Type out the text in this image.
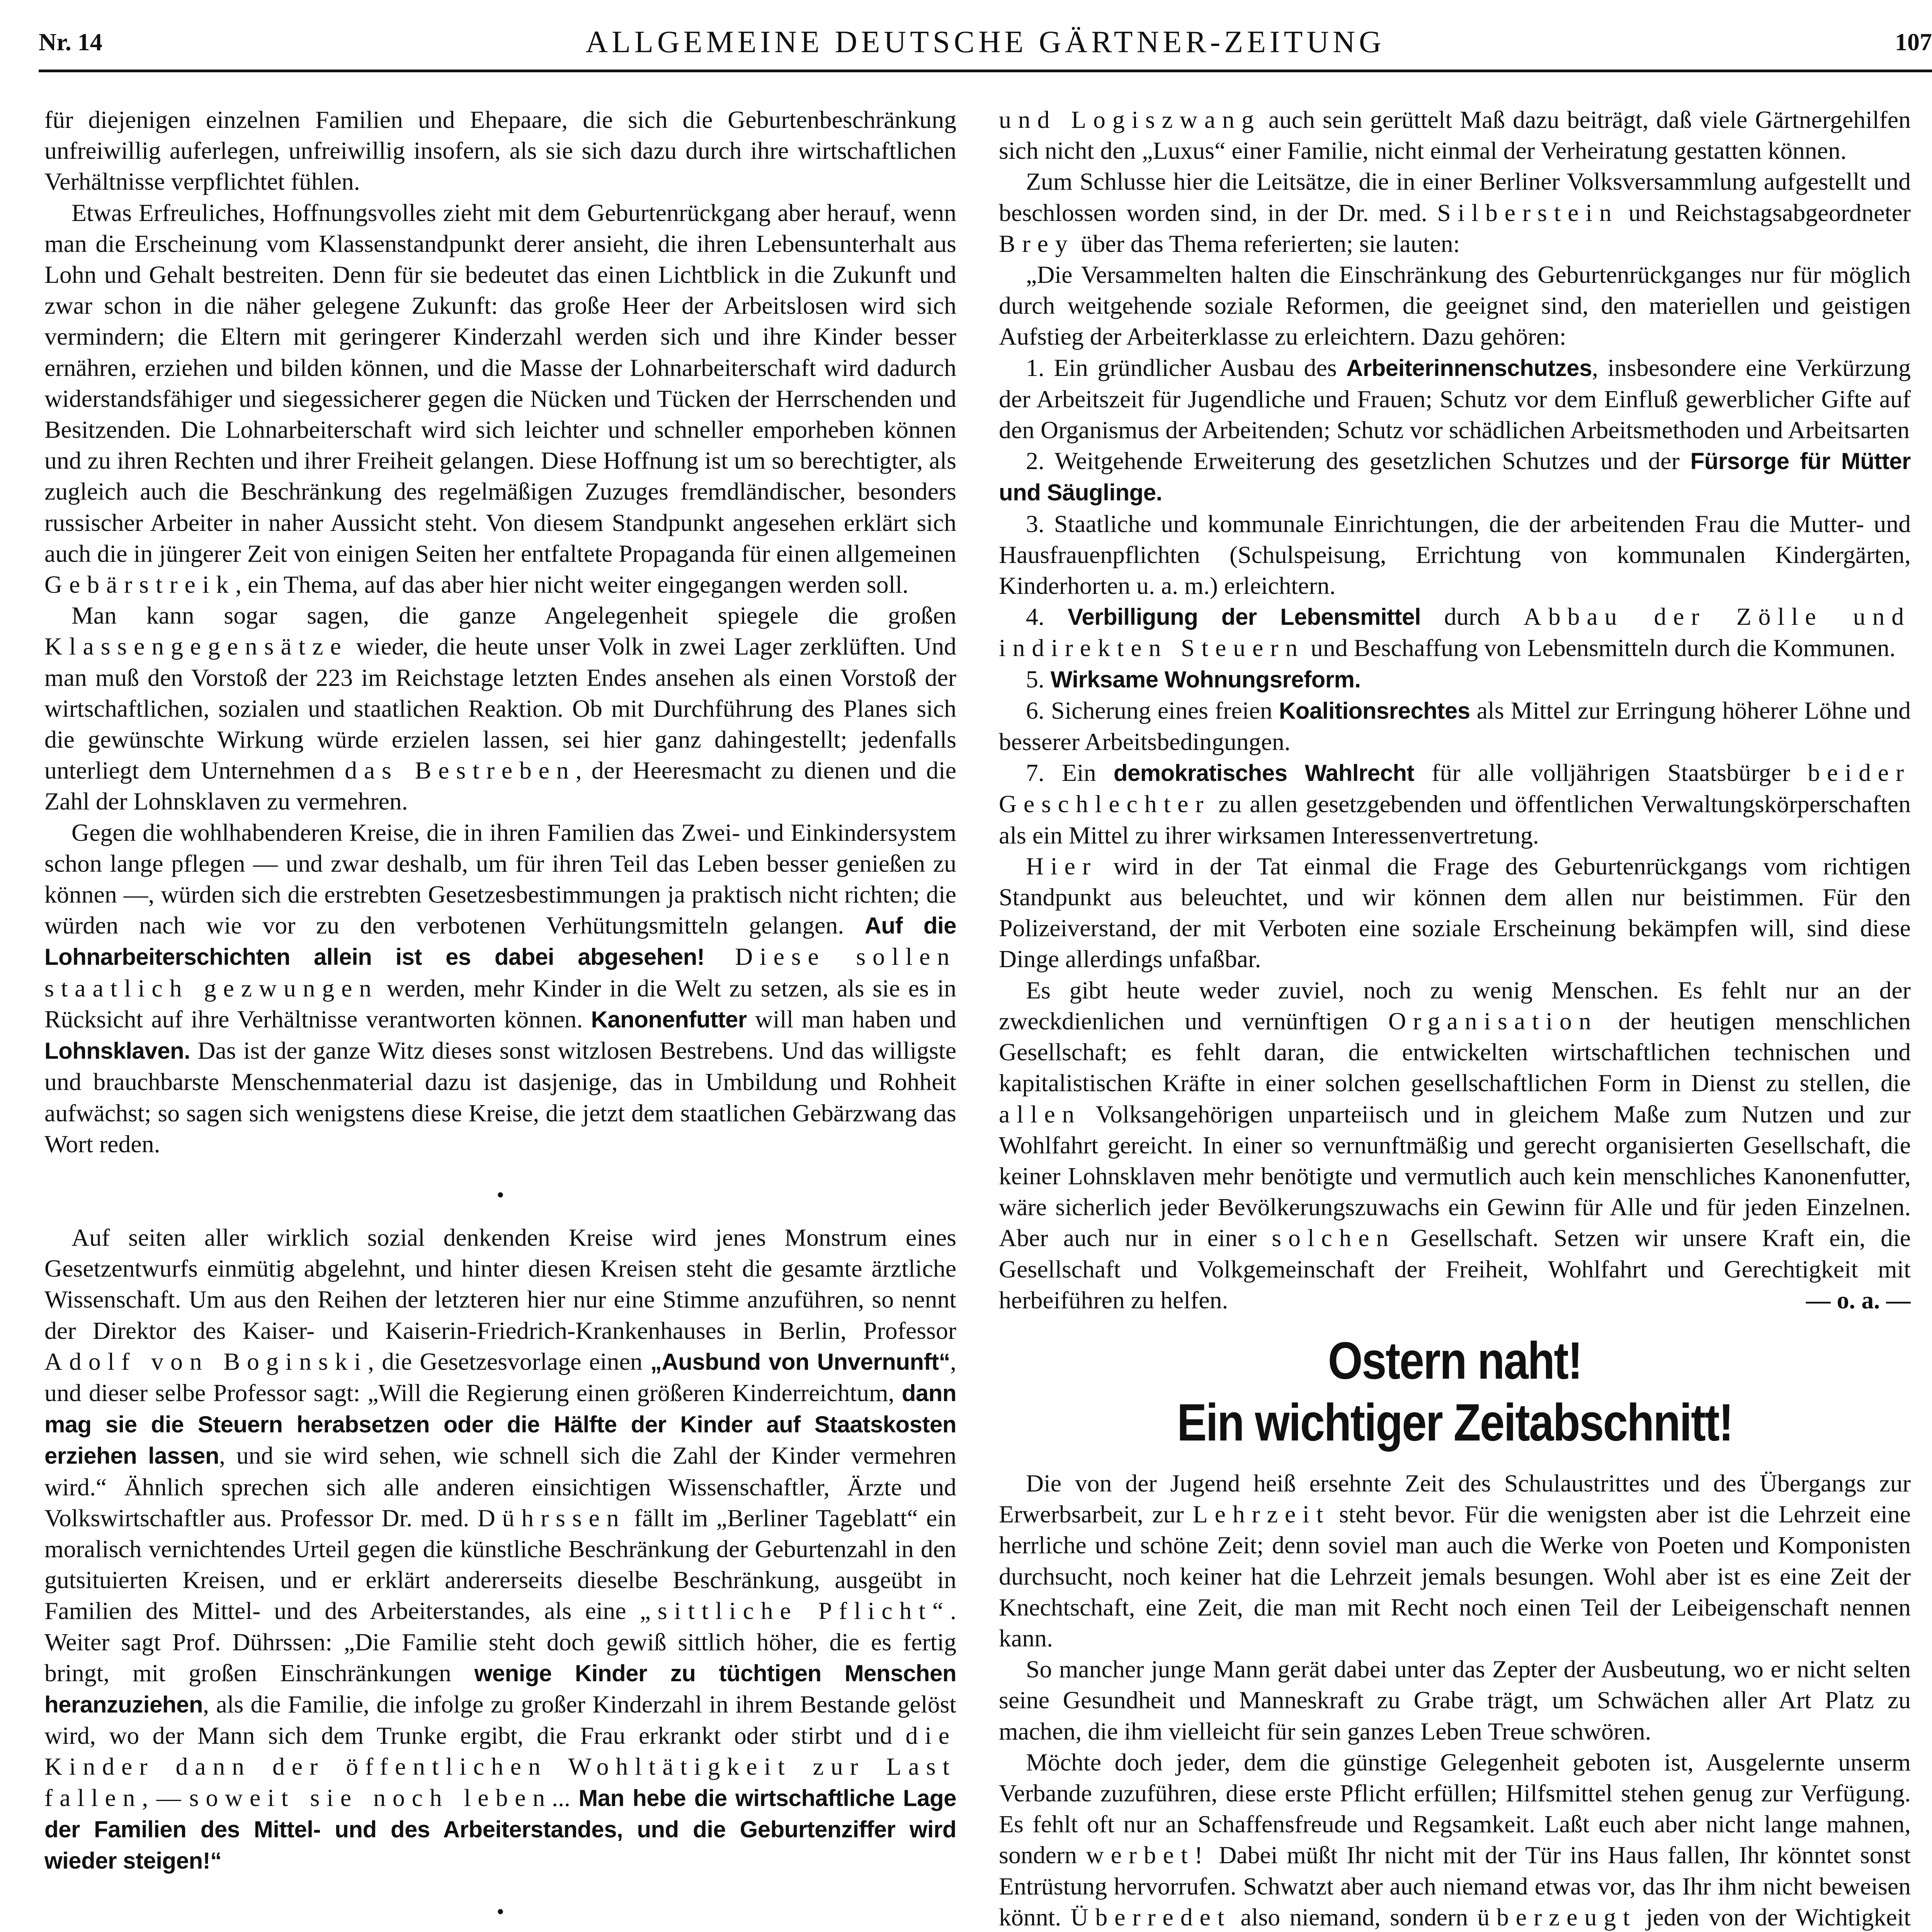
Nr. 14	ALLGEMEINE DEUTSCHE GÄRTNER-ZEITUNG	107

für diejenigen einzelnen Familien und Ehepaare, die sich die Geburtenbeschränkung unfreiwillig auferlegen, unfreiwillig insofern, als sie sich dazu durch ihre wirtschaftlichen Verhältnisse verpflichtet fühlen.

Etwas Erfreuliches, Hoffnungsvolles zieht mit dem Geburtenrückgang aber herauf, wenn man die Erscheinung vom Klassenstandpunkt derer ansieht, die ihren Lebensunterhalt aus Lohn und Gehalt bestreiten. Denn für sie bedeutet das einen Lichtblick in die Zukunft und zwar schon in die näher gelegene Zukunft: das große Heer der Arbeitslosen wird sich vermindern; die Eltern mit geringerer Kinderzahl werden sich und ihre Kinder besser ernähren, erziehen und bilden können, und die Masse der Lohnarbeiterschaft wird dadurch widerstandsfähiger und siegessicherer gegen die Nücken und Tücken der Herrschenden und Besitzenden. Die Lohnarbeiterschaft wird sich leichter und schneller emporheben können und zu ihren Rechten und ihrer Freiheit gelangen. Diese Hoffnung ist um so berechtigter, als zugleich auch die Beschränkung des regelmäßigen Zuzuges fremdländischer, besonders russischer Arbeiter in naher Aussicht steht. Von diesem Standpunkt angesehen erklärt sich auch die in jüngerer Zeit von einigen Seiten her entfaltete Propaganda für einen allgemeinen Gebärstreik, ein Thema, auf das aber hier nicht weiter eingegangen werden soll.

Man kann sogar sagen, die ganze Angelegenheit spiegele die großen Klassengegensätze wieder, die heute unser Volk in zwei Lager zerklüften. Und man muß den Vorstoß der 223 im Reichstage letzten Endes ansehen als einen Vorstoß der wirtschaftlichen, sozialen und staatlichen Reaktion. Ob mit Durchführung des Planes sich die gewünschte Wirkung würde erzielen lassen, sei hier ganz dahingestellt; jedenfalls unterliegt dem Unternehmen das Bestreben, der Heeresmacht zu dienen und die Zahl der Lohnsklaven zu vermehren.

Gegen die wohlhabenderen Kreise, die in ihren Familien das Zwei- und Einkindersystem schon lange pflegen — und zwar deshalb, um für ihren Teil das Leben besser genießen zu können —, würden sich die erstrebten Gesetzesbestimmungen ja praktisch nicht richten; die würden nach wie vor zu den verbotenen Verhütungsmitteln gelangen. Auf die Lohnarbeiterschichten allein ist es dabei abgesehen! Diese sollen staatlich gezwungen werden, mehr Kinder in die Welt zu setzen, als sie es in Rücksicht auf ihre Verhältnisse verantworten können. Kanonenfutter will man haben und Lohnsklaven. Das ist der ganze Witz dieses sonst witzlosen Bestrebens. Und das willigste und brauchbarste Menschenmaterial dazu ist dasjenige, das in Umbildung und Rohheit aufwächst; so sagen sich wenigstens diese Kreise, die jetzt dem staatlichen Gebärzwang das Wort reden.

•

Auf seiten aller wirklich sozial denkenden Kreise wird jenes Monstrum eines Gesetzentwurfs einmütig abgelehnt, und hinter diesen Kreisen steht die gesamte ärztliche Wissenschaft. Um aus den Reihen der letzteren hier nur eine Stimme anzuführen, so nennt der Direktor des Kaiser- und Kaiserin-Friedrich-Krankenhauses in Berlin, Professor Adolf von Boginski, die Gesetzesvorlage einen „Ausbund von Unvernunft“, und dieser selbe Professor sagt: „Will die Regierung einen größeren Kinderreichtum, dann mag sie die Steuern herabsetzen oder die Hälfte der Kinder auf Staatskosten erziehen lassen, und sie wird sehen, wie schnell sich die Zahl der Kinder vermehren wird.“ Ähnlich sprechen sich alle anderen einsichtigen Wissenschaftler, Ärzte und Volkswirtschaftler aus. Professor Dr. med. Dührssen fällt im „Berliner Tageblatt“ ein moralisch vernichtendes Urteil gegen die künstliche Beschränkung der Geburtenzahl in den gutsituierten Kreisen, und er erklärt andererseits dieselbe Beschränkung, ausgeübt in Familien des Mittel- und des Arbeiterstandes, als eine „sittliche Pflicht“. Weiter sagt Prof. Dührssen: „Die Familie steht doch gewiß sittlich höher, die es fertig bringt, mit großen Einschränkungen wenige Kinder zu tüchtigen Menschen heranzuziehen, als die Familie, die infolge zu großer Kinderzahl in ihrem Bestande gelöst wird, wo der Mann sich dem Trunke ergibt, die Frau erkrankt oder stirbt und die Kinder dann der öffentlichen Wohltätigkeit zur Last fallen, — soweit sie noch leben... Man hebe die wirtschaftliche Lage der Familien des Mittel- und des Arbeiterstandes, und die Geburtenziffer wird wieder steigen!“

•

und Logiszwang auch sein gerüttelt Maß dazu beiträgt, daß viele Gärtnergehilfen sich nicht den „Luxus“ einer Familie, nicht einmal der Verheiratung gestatten können.

Zum Schlusse hier die Leitsätze, die in einer Berliner Volksversammlung aufgestellt und beschlossen worden sind, in der Dr. med. Silberstein und Reichstagsabgeordneter Brey über das Thema referierten; sie lauten:

„Die Versammelten halten die Einschränkung des Geburtenrückganges nur für möglich durch weitgehende soziale Reformen, die geeignet sind, den materiellen und geistigen Aufstieg der Arbeiterklasse zu erleichtern. Dazu gehören:

1. Ein gründlicher Ausbau des Arbeiterinnenschutzes, insbesondere eine Verkürzung der Arbeitszeit für Jugendliche und Frauen; Schutz vor dem Einfluß gewerblicher Gifte auf den Organismus der Arbeitenden; Schutz vor schädlichen Arbeitsmethoden und Arbeitsarten

2. Weitgehende Erweiterung des gesetzlichen Schutzes und der Fürsorge für Mütter und Säuglinge.

3. Staatliche und kommunale Einrichtungen, die der arbeitenden Frau die Mutter- und Hausfrauenpflichten (Schulspeisung, Errichtung von kommunalen Kindergärten, Kinderhorten u. a. m.) erleichtern.

4. Verbilligung der Lebensmittel durch Abbau der Zölle und indirekten Steuern und Beschaffung von Lebensmitteln durch die Kommunen.

5. Wirksame Wohnungsreform.

6. Sicherung eines freien Koalitionsrechtes als Mittel zur Erringung höherer Löhne und besserer Arbeitsbedingungen.

7. Ein demokratisches Wahlrecht für alle volljährigen Staatsbürger beider Geschlechter zu allen gesetzgebenden und öffentlichen Verwaltungskörperschaften als ein Mittel zu ihrer wirksamen Interessenvertretung.

Hier wird in der Tat einmal die Frage des Geburtenrückgangs vom richtigen Standpunkt aus beleuchtet, und wir können dem allen nur beistimmen. Für den Polizeiverstand, der mit Verboten eine soziale Erscheinung bekämpfen will, sind diese Dinge allerdings unfaßbar.

Es gibt heute weder zuviel, noch zu wenig Menschen. Es fehlt nur an der zweckdienlichen und vernünftigen Organisation der heutigen menschlichen Gesellschaft; es fehlt daran, die entwickelten wirtschaftlichen technischen und kapitalistischen Kräfte in einer solchen gesellschaftlichen Form in Dienst zu stellen, die allen Volksangehörigen unparteiisch und in gleichem Maße zum Nutzen und zur Wohlfahrt gereicht. In einer so vernunftmäßig und gerecht organisierten Gesellschaft, die keiner Lohnsklaven mehr benötigte und vermutlich auch kein menschliches Kanonenfutter, wäre sicherlich jeder Bevölkerungszuwachs ein Gewinn für Alle und für jeden Einzelnen. Aber auch nur in einer solchen Gesellschaft. Setzen wir unsere Kraft ein, die Gesellschaft und Volkgemeinschaft der Freiheit, Wohlfahrt und Gerechtigkeit mit herbeiführen zu helfen.	— o. a. —

Ostern naht!
Ein wichtiger Zeitabschnitt!

Die von der Jugend heiß ersehnte Zeit des Schulaustrittes und des Übergangs zur Erwerbsarbeit, zur Lehrzeit steht bevor. Für die wenigsten aber ist die Lehrzeit eine herrliche und schöne Zeit; denn soviel man auch die Werke von Poeten und Komponisten durchsucht, noch keiner hat die Lehrzeit jemals besungen. Wohl aber ist es eine Zeit der Knechtschaft, eine Zeit, die man mit Recht noch einen Teil der Leibeigenschaft nennen kann.

So mancher junge Mann gerät dabei unter das Zepter der Ausbeutung, wo er nicht selten seine Gesundheit und Manneskraft zu Grabe trägt, um Schwächen aller Art Platz zu machen, die ihm vielleicht für sein ganzes Leben Treue schwören.

Möchte doch jeder, dem die günstige Gelegenheit geboten ist, Ausgelernte unserm Verbande zuzuführen, diese erste Pflicht erfüllen; Hilfsmittel stehen genug zur Verfügung. Es fehlt oft nur an Schaffensfreude und Regsamkeit. Laßt euch aber nicht lange mahnen, sondern werbet! Dabei müßt Ihr nicht mit der Tür ins Haus fallen, Ihr könntet sonst Entrüstung hervorrufen. Schwatzt aber auch niemand etwas vor, das Ihr ihm nicht beweisen könnt. Überredet also niemand, sondern überzeugt jeden von der Wichtigkeit
